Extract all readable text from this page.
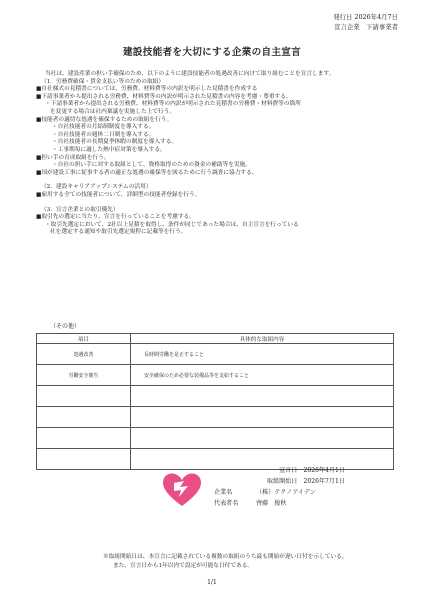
発行日 2026年4月7日
宣言企業　下請事業者
建設技能者を大切にする企業の自主宣言

当社は、建設産業の担い手確保のため、以下のように建設技能者の処遇改善に向けて取り組むことを宣言します。

（1．労務費確保・賃金支払い等のための取組）

■自社様式の見積書については、労務費、材料費等の内訳を明示した見積書を作成する

■下請事業者から提出される労務費、材料費等の内訳が明示された見積書の内容を考慮・尊重する。

・下請事業者から提出される労務費、材料費等の内訳が明示された見積書の労務費・材料費等の箇所

を変更する場合は社内稟議を実施した上で行う。

■技能者の適切な処遇を確保するための取組を行う。

・自社技能者の月給制制度を導入する。

・自社技能者の週休二日制を導入する。

・自社技能者の長期夏季休暇の制度を導入する。

・工事期毎に適した熱中症対策を導入する。

■担い手の育成取組を行う。

・自社の担い手に対する取組として、資格取得のための資金の補助等を実施。

■国が建設工事に従事する者の適正な処遇の確保等を図るために行う調査に協力する。

（2．建設キャリアアップシステムの活用）

■雇用する全ての技能者について、詳細型の技能者登録を行う。

（3．宣言企業との取引優先）

■取引先の選定に当たり、宣言を行っていることを考慮する。

・取引先選定において、2社以上見積を取得し、条件が同じであった場合は、自主宣言を行っている

社を選定する通知や取引先選定規程に記載等を行う。

（その他）
項目	具体的な取組内容
処遇改善	長時間労働を是正すること
労働安全衛生	安全確保のため必要な装備品等を支給すること

宣言日　2026年4月1日
取組開始日　2026年7月1日
企業名	（株）テクノアイデン
代表者名	齊藤　俊秋
※取組開始日は、本宣言に記載されている複数の取組のうち最も開始が遅い日付を示している。
また、宣言日から1年以内で設定が可能な日付である。
1/1
